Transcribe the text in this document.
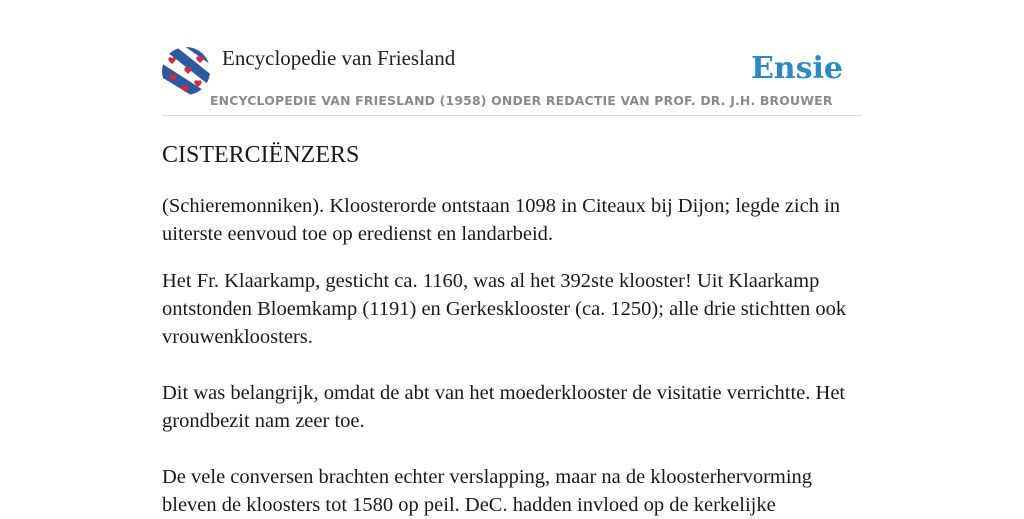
Encyclopedie van Friesland
ENCYCLOPEDIE VAN FRIESLAND (1958) ONDER REDACTIE VAN PROF. DR. J.H. BROUWER
Ensie
CISTERCIËNZERS

(Schieremonniken). Kloosterorde ontstaan 1098 in Citeaux bij Dijon; legde zich in uiterste eenvoud toe op eredienst en landarbeid.

Het Fr. Klaarkamp, gesticht ca. 1160, was al het 392ste klooster! Uit Klaarkamp ontstonden Bloemkamp (1191) en Gerkesklooster (ca. 1250); alle drie stichtten ook vrouwenkloosters.

Dit was belangrijk, omdat de abt van het moederklooster de visitatie verrichtte. Het grondbezit nam zeer toe.

De vele conversen brachten echter verslapping, maar na de kloosterhervorming bleven de kloosters tot 1580 op peil. DeC. hadden invloed op de kerkelijke
